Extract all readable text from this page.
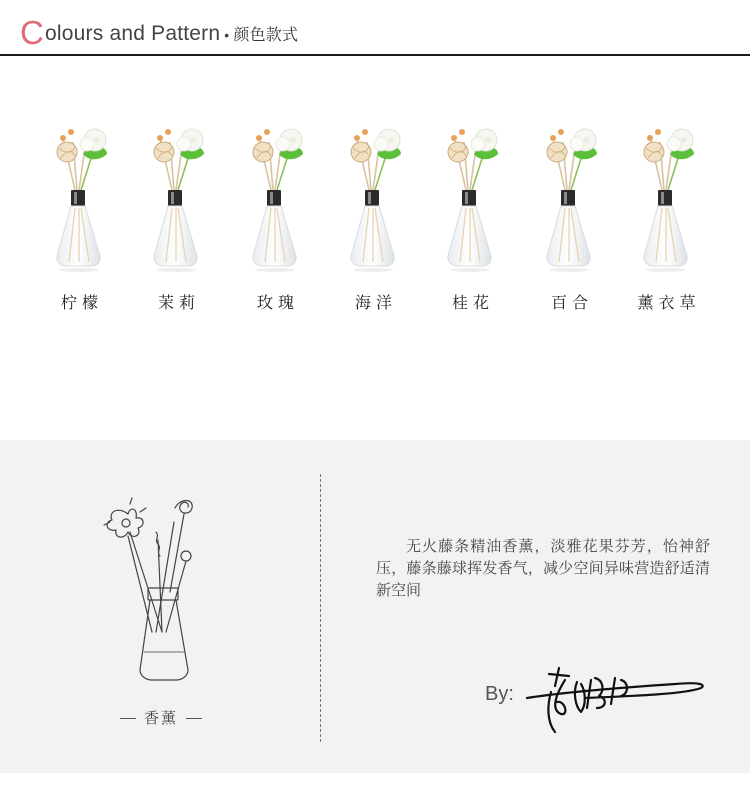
Colours and Pattern • 颜色款式
柠檬	茉莉	玫瑰	海洋	桂花	百合	薰衣草
香薰
无火藤条精油香薰，淡雅花果芬芳，怡神舒压，藤条藤球挥发香气，减少空间异味营造舒适清新空间
By:
